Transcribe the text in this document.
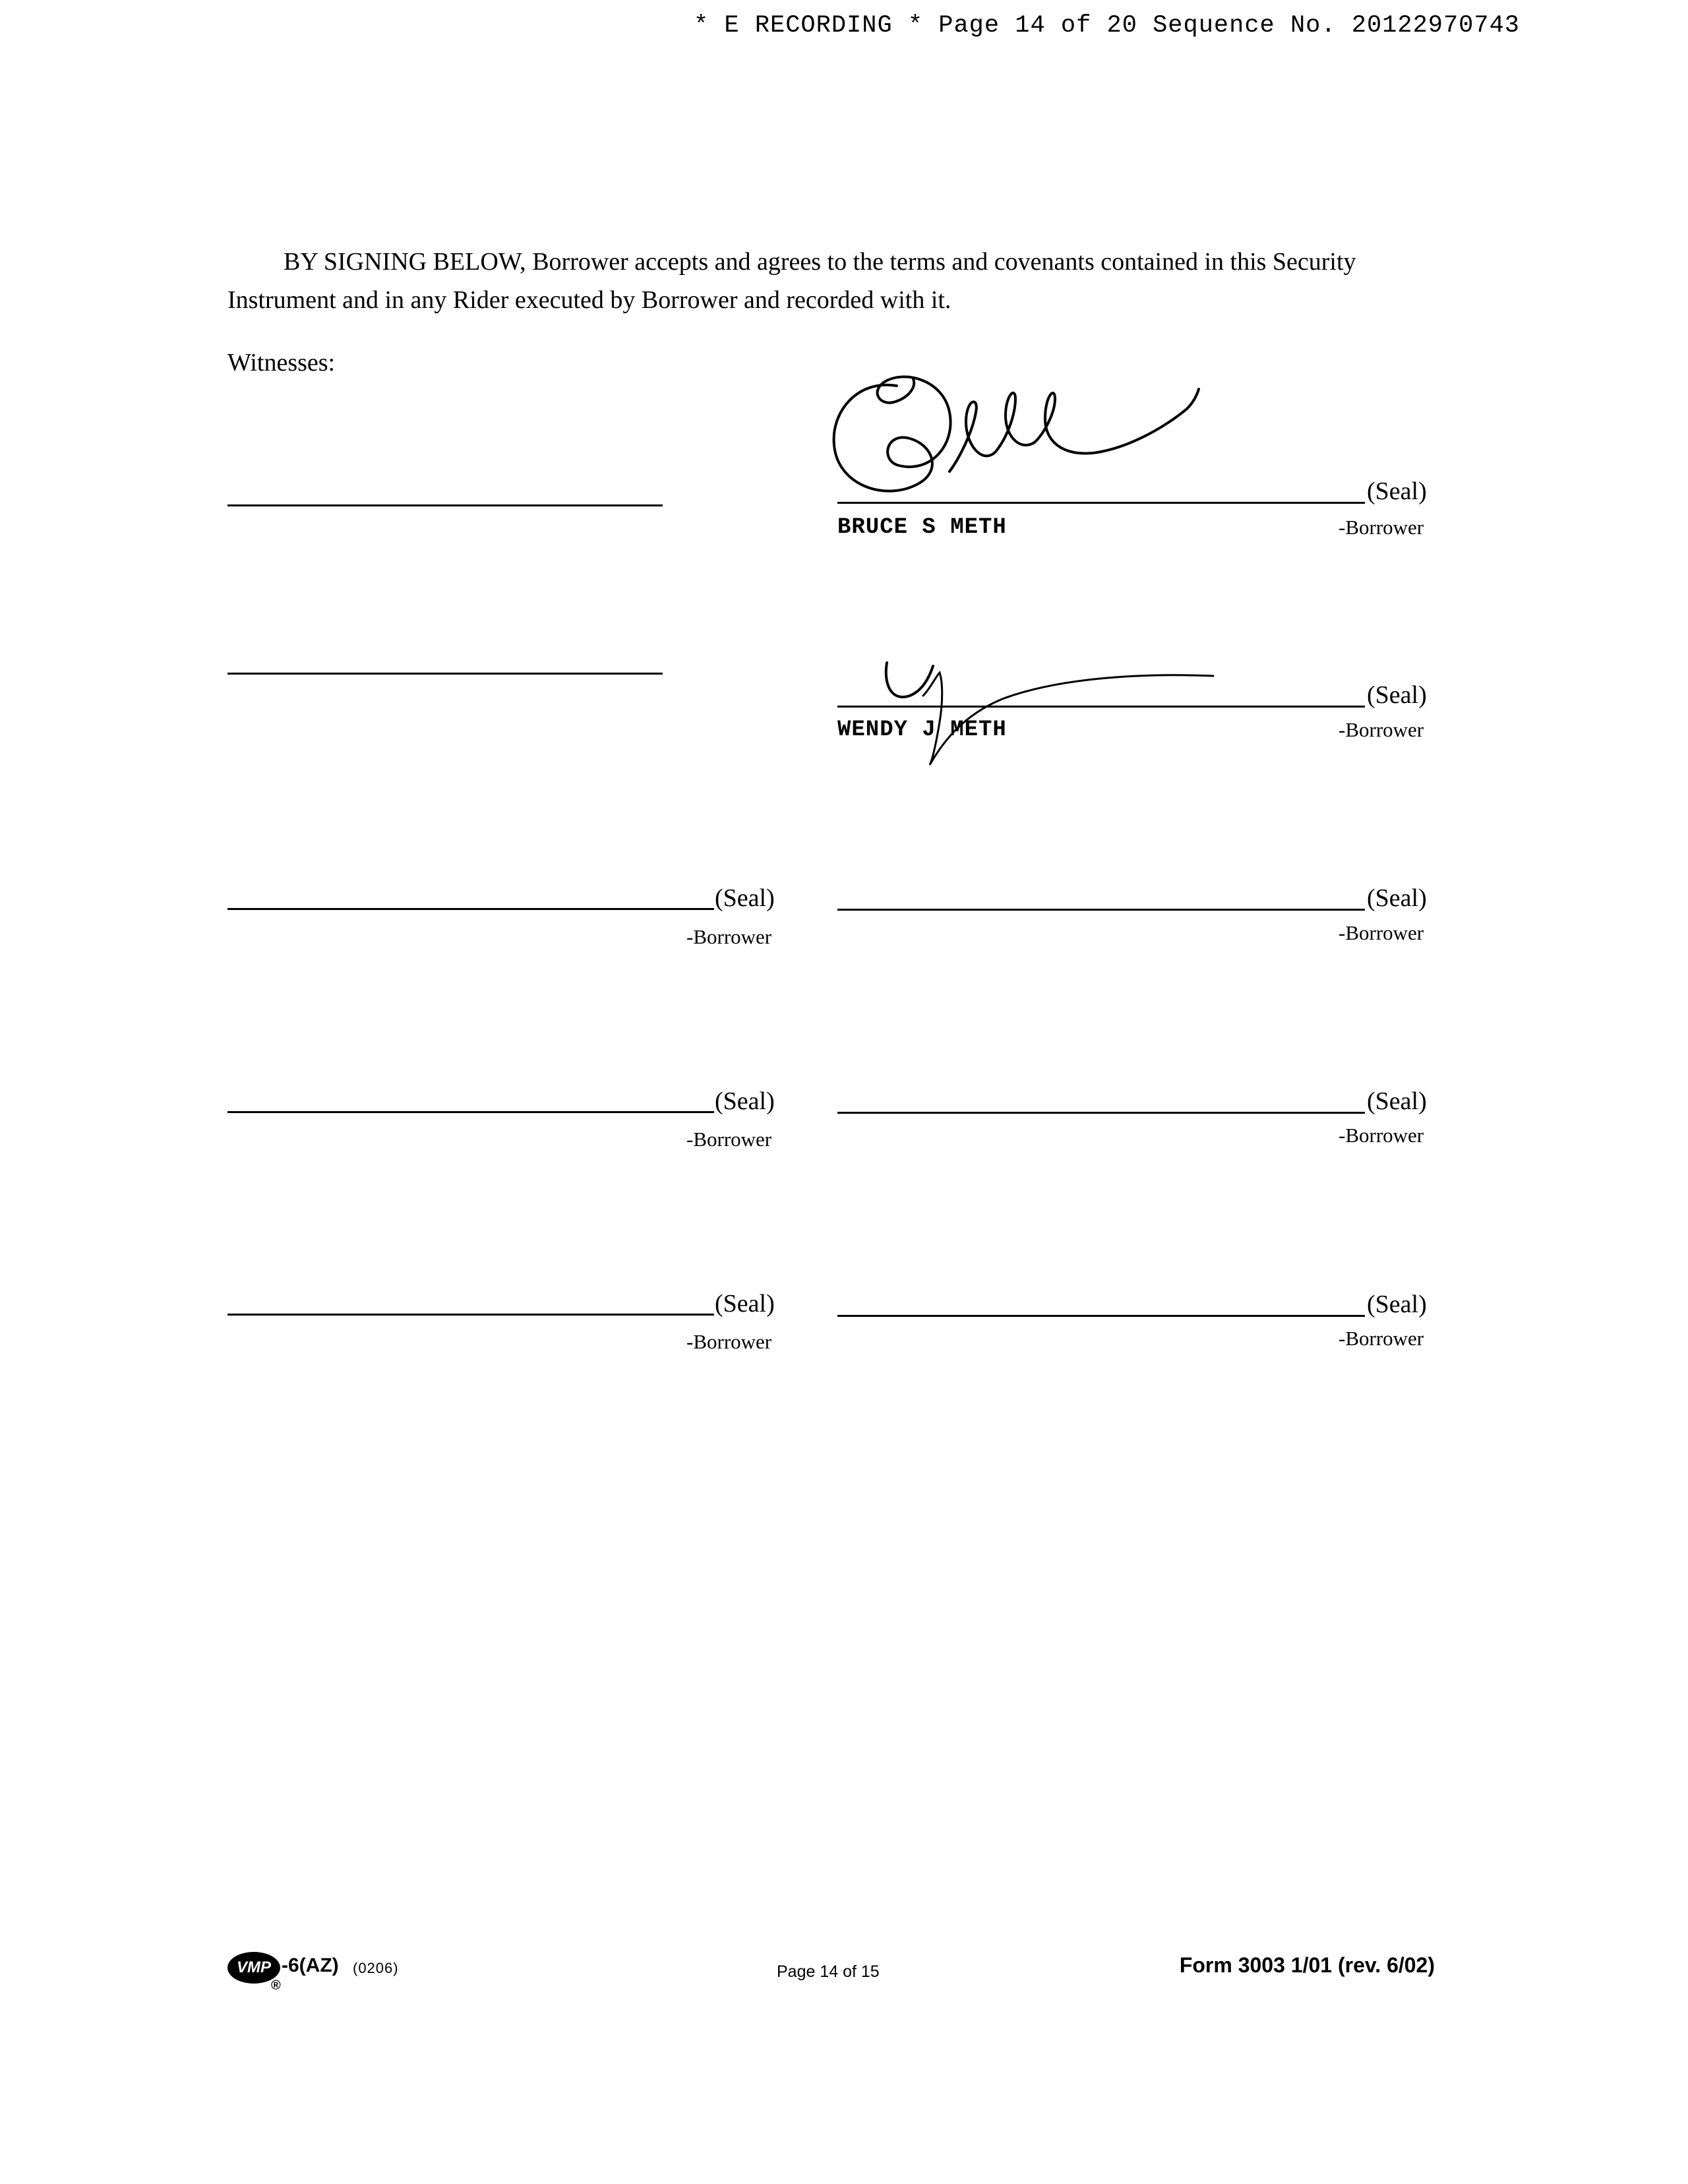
* E RECORDING * Page 14 of 20 Sequence No. 20122970743
BY SIGNING BELOW, Borrower accepts and agrees to the terms and covenants contained in this Security Instrument and in any Rider executed by Borrower and recorded with it.
Witnesses:
(Seal)
BRUCE S METH	-Borrower
(Seal)
WENDY J METH	-Borrower
(Seal)
-Borrower
(Seal)
-Borrower
(Seal)
-Borrower
(Seal)
-Borrower
(Seal)
-Borrower
(Seal)
-Borrower
VMP
®
-6(AZ) (0206)	Page 14 of 15	Form 3003 1/01 (rev. 6/02)
